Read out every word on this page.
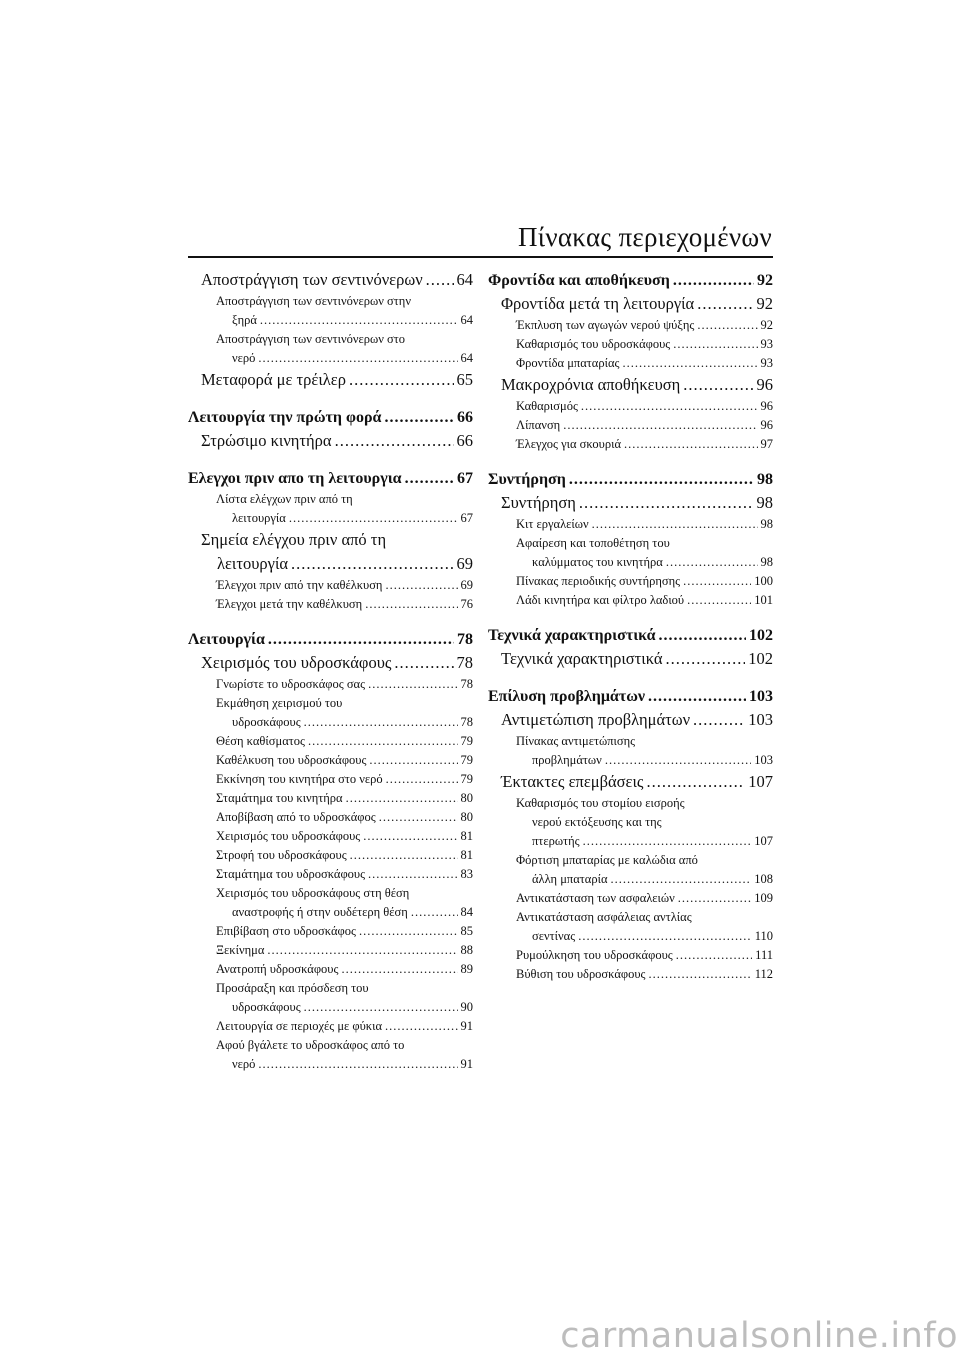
Πίνακας περιεχομένων
Αποστράγγιση των σεντινόνερων ..... 64
Αποστράγγιση των σεντινόνερων στην
ξηρά .....	64
Αποστράγγιση των σεντινόνερων στο
νερό .....	64
Μεταφορά με τρέιλερ .....	65
Λειτουργία την πρώτη φορά .....	66
Στρώσιμο κινητήρα .....	66
Ελεγχοι πριν απο τη λειτουργια .....	67
Λίστα ελέγχων πριν από τη
λειτουργία .....	67
Σημεία ελέγχου πριν από τη
λειτουργία .....	69
Έλεγχοι πριν από την καθέλκυση .....	69
Έλεγχοι μετά την καθέλκυση .....	76
Λειτουργία .....	78
Χειρισμός του υδροσκάφους .....	78
Γνωρίστε το υδροσκάφος σας .....	78
Εκμάθηση χειρισμού του
υδροσκάφους .....	78
Θέση καθίσματος .....	79
Καθέλκυση του υδροσκάφους .....	79
Εκκίνηση του κινητήρα στο νερό .....	79
Σταμάτημα του κινητήρα .....	80
Αποβίβαση από το υδροσκάφος .....	80
Χειρισμός του υδροσκάφους .....	81
Στροφή του υδροσκάφους .....	81
Σταμάτημα του υδροσκάφους .....	83
Χειρισμός του υδροσκάφους στη θέση
αναστροφής ή στην ουδέτερη θέση .....	84
Επιβίβαση στο υδροσκάφος .....	85
Ξεκίνημα .....	88
Ανατροπή υδροσκάφους .....	89
Προσάραξη και πρόσδεση του
υδροσκάφους .....	90
Λειτουργία σε περιοχές με φύκια .....	91
Αφού βγάλετε το υδροσκάφος από το
νερό .....	91
Φροντίδα και αποθήκευση .....	92
Φροντίδα μετά τη λειτουργία .....	92
Έκπλυση των αγωγών νερού ψύξης .....	92
Καθαρισμός του υδροσκάφους .....	93
Φροντίδα μπαταρίας .....	93
Μακροχρόνια αποθήκευση .....	96
Καθαρισμός .....	96
Λίπανση .....	96
Έλεγχος για σκουριά .....	97
Συντήρηση .....	98
Συντήρηση .....	98
Κιτ εργαλείων .....	98
Αφαίρεση και τοποθέτηση του
καλύμματος του κινητήρα .....	98
Πίνακας περιοδικής συντήρησης .....	100
Λάδι κινητήρα και φίλτρο λαδιού .....	101
Τεχνικά χαρακτηριστικά .....	102
Τεχνικά χαρακτηριστικά .....	102
Επίλυση προβλημάτων .....	103
Αντιμετώπιση προβλημάτων .....	103
Πίνακας αντιμετώπισης
προβλημάτων .....	103
Έκτακτες επεμβάσεις .....	107
Καθαρισμός του στομίου εισροής
νερού εκτόξευσης και της
πτερωτής .....	107
Φόρτιση μπαταρίας με καλώδια από
άλλη μπαταρία .....	108
Αντικατάσταση των ασφαλειών .....	109
Αντικατάσταση ασφάλειας αντλίας
σεντίνας .....	110
Ρυμούλκηση του υδροσκάφους .....	111
Βύθιση του υδροσκάφους .....	112
carmanualsonline.info
